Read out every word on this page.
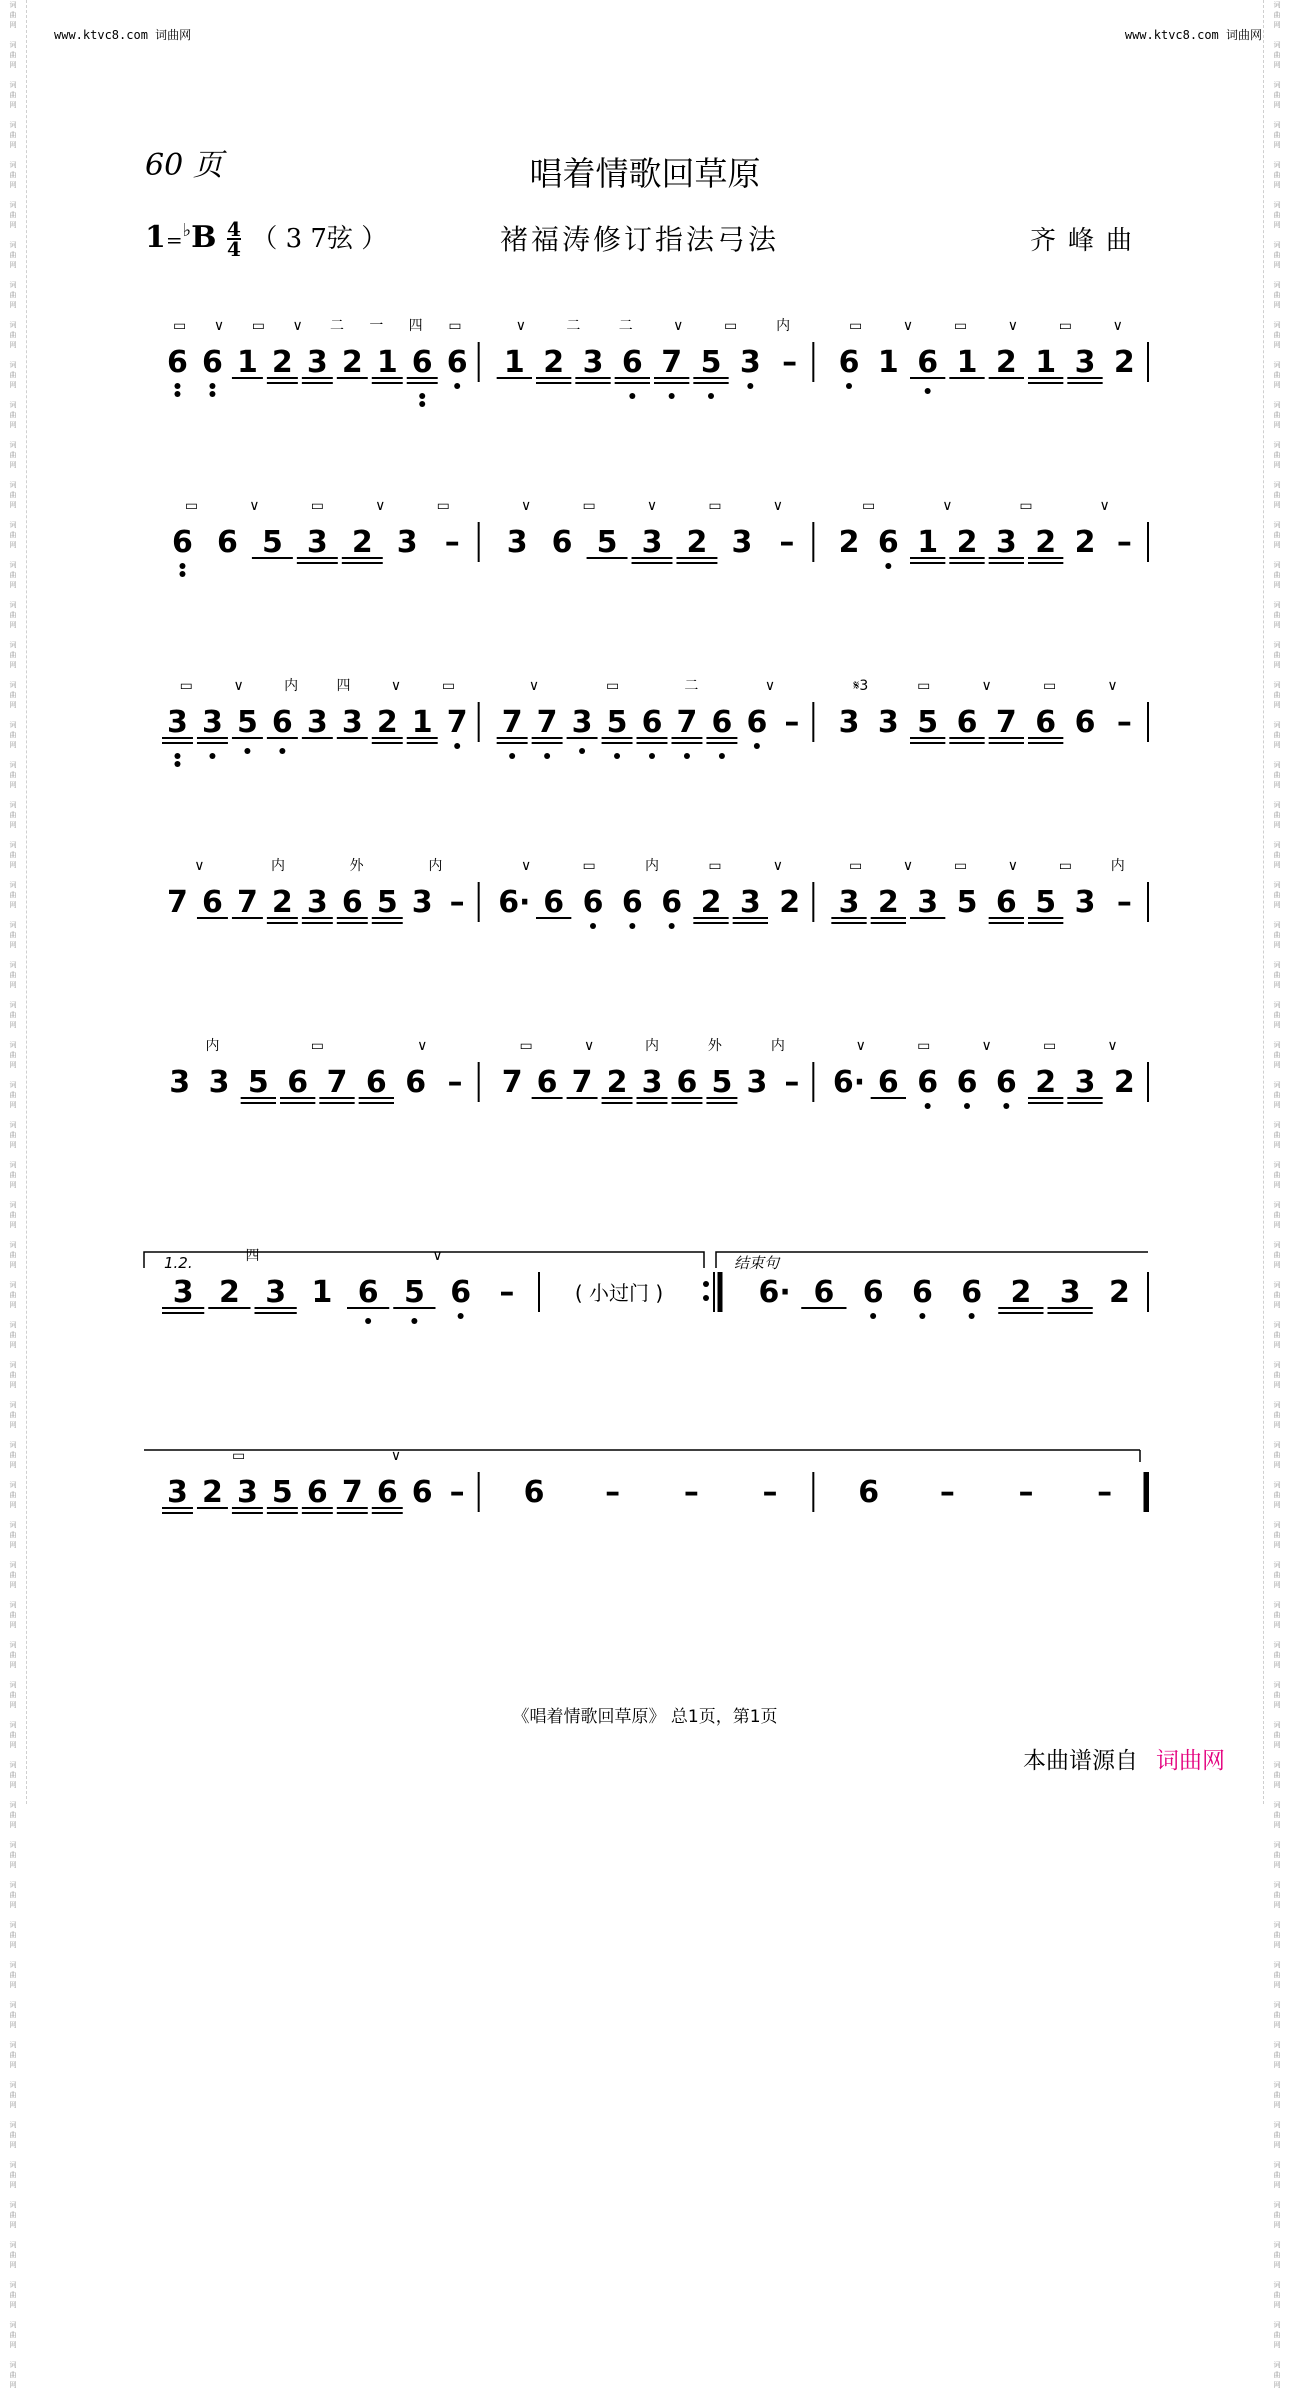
词
曲
网

词
曲
网

词
曲
网

词
曲
网

词
曲
网

词
曲
网

词
曲
网

词
曲
网

词
曲
网

词
曲
网

词
曲
网

词
曲
网

词
曲
网

词
曲
网

词
曲
网

词
曲
网

词
曲
网

词
曲
网

词
曲
网

词
曲
网

词
曲
网

词
曲
网

词
曲
网

词
曲
网

词
曲
网

词
曲
网

词
曲
网

词
曲
网

词
曲
网

词
曲
网

词
曲
网

词
曲
网

词
曲
网

词
曲
网

词
曲
网

词
曲
网

词
曲
网

词
曲
网

词
曲
网

词
曲
网

词
曲
网

词
曲
网

词
曲
网

词
曲
网

词
曲
网

词
曲
网

词
曲
网

词
曲
网

词
曲
网

词
曲
网

词
曲
网

词
曲
网

词
曲
网

词
曲
网

词
曲
网

词
曲
网

词
曲
网

词
曲
网

词
曲
网

词
曲
网

词
曲
网

词
曲
网

词
曲
网

词
曲
网

词
曲
网

词
曲
网

词
曲
网

词
曲
网

词
曲
网

词
曲
网

词
曲
网

词
曲
网

词
曲
网

词
曲
网

词
曲
网

词
曲
网

词
曲
网

词
曲
网

词
曲
网

词
曲
网

词
曲
网

词
曲
网

词
曲
网

词
曲
网

词
曲
网

词
曲
网

词
曲
网

词
曲
网

词
曲
网

词
曲
网

词
曲
网

词
曲
网

词
曲
网

词
曲
网

词
曲
网

词
曲
网

词
曲
网

词
曲
网

词
曲
网

词
曲
网

词
曲
网

词
曲
网

词
曲
网

词
曲
网

词
曲
网

词
曲
网

词
曲
网

词
曲
网

词
曲
网

词
曲
网

词
曲
网

词
曲
网

词
曲
网

词
曲
网

词
曲
网

词
曲
网

词
曲
网

词
曲
网

词
曲
网

词
曲
网

www.ktvc8.com 词曲网	www.ktvc8.com 词曲网
60 页	唱着情歌回草原
$1=^♭B \frac{4}{4}$ （ 3 7弦 ）	褚福涛修订指法弓法	齐峰曲
6 6 1 2 3 2 1 6 6
▭ ∨ ▭ ∨ 二 一 四 ▭
1 2 3 6 7 5 3 –
∨	二	二	∨	▭	内
6 1 6 1 2 1 3 2
▭	∨	▭	∨	▭	∨
6 6 5 3 2 3 –
▭	∨	▭	∨	▭
3 6 5 3 2 3 –
∨	▭	∨	▭	∨
2 6 1 2 3 2 2 –
▭	∨	▭	∨
3 3 5 6 3 3 2 1 7
▭	∨	内	四	∨	▭
7 7 3 5 6 7 6 6 –
∨	▭	二	∨
3 3 5 6 7 6 6 –
𝄋3	▭	∨	▭	∨
7 6 7 2 3 6 5 3 –
∨	内	外	内
6· 6 6 6 6 2 3 2
∨	▭	内	▭	∨
3 2 3 5 6 5 3 –
▭	∨	▭	∨	▭	内
3 3 5 6 7 6 6 –
内	▭	∨
7 6 7 2 3 6 5 3 –
▭	∨	内	外	内
6· 6 6 6 6 2 3 2
∨	▭	∨	▭	∨
1.2.	结束句
3 2 3 1 6 5 6 –
四	∨
6· 6 6 6 6 2 3 2
( 小过门 )
3 2 3 5 6 7 6 6 –
▭	∨
6 – – –	6 – – –
《唱着情歌回草原》 总1页，第1页
本曲谱源自 词曲网
